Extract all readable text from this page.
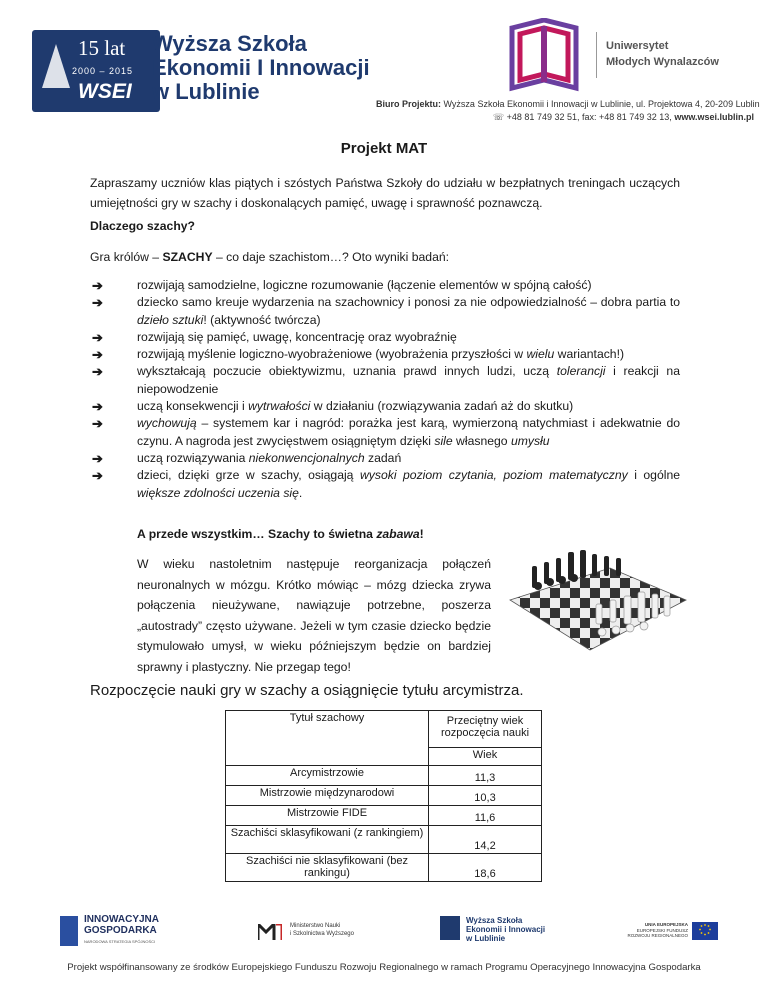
15 lat
2000 – 2015
WSEI
Wyższa Szkoła
Ekonomii I Innowacji
w Lublinie
Uniwersytet
Młodych Wynalazców
Biuro Projektu: Wyższa Szkoła Ekonomii i Innowacji w Lublinie, ul. Projektowa 4, 20-209 Lublin
☏ +48 81 749 32 51, fax: +48 81 749 32 13, www.wsei.lublin.pl
Projekt MAT
Zapraszamy uczniów klas piątych i szóstych Państwa Szkoły do udziału w bezpłatnych treningach uczących umiejętności gry w szachy i doskonalących pamięć, uwagę i sprawność poznawczą.
Dlaczego szachy?
Gra królów – SZACHY – co daje szachistom…? Oto wyniki badań:
➔	rozwijają samodzielne, logiczne rozumowanie (łączenie elementów w spójną całość)
➔	dziecko samo kreuje wydarzenia na szachownicy i ponosi za nie odpowiedzialność – dobra partia to dzieło sztuki! (aktywność twórcza)
➔	rozwijają się pamięć, uwagę, koncentrację oraz wyobraźnię
➔	rozwijają myślenie logiczno-wyobrażeniowe (wyobrażenia przyszłości w wielu wariantach!)
➔	wykształcają poczucie obiektywizmu, uznania prawd innych ludzi, uczą tolerancji i reakcji na niepowodzenie
➔	uczą konsekwencji i wytrwałości w działaniu (rozwiązywania zadań aż do skutku)
➔	wychowują – systemem kar i nagród: porażka jest karą, wymierzoną natychmiast i adekwatnie do czynu. A nagroda jest zwycięstwem osiągniętym dzięki sile własnego umysłu
➔	uczą rozwiązywania niekonwencjonalnych zadań
➔	dzieci, dzięki grze w szachy, osiągają wysoki poziom czytania, poziom matematyczny i ogólne większe zdolności uczenia się.
A przede wszystkim… Szachy to świetna zabawa!
W wieku nastoletnim następuje reorganizacja połączeń neuronalnych w mózgu. Krótko mówiąc – mózg dziecka zrywa połączenia nieużywane, nawiązuje potrzebne, poszerza „autostrady” często używane. Jeżeli w tym czasie dziecko będzie stymulowało umysł, w wieku późniejszym będzie on bardziej sprawny i plastyczny. Nie przegap tego!
Rozpoczęcie nauki gry w szachy a osiągnięcie tytułu arcymistrza.
Tytuł szachowy	Przeciętny wiek rozpoczęcia nauki
	Wiek
Arcymistrzowie	11,3
Mistrzowie międzynarodowi	10,3
Mistrzowie FIDE	11,6
Szachiści sklasyfikowani (z rankingiem)	14,2
Szachiści nie sklasyfikowani (bez rankingu)	18,6
INNOWACYJNA
GOSPODARKA
NARODOWA STRATEGIA SPÓJNOŚCI
Ministerstwo Nauki
i Szkolnictwa Wyższego
Wyższa Szkoła
Ekonomii i Innowacji
w Lublinie
UNIA EUROPEJSKA
EUROPEJSKI FUNDUSZ
ROZWOJU REGIONALNEGO
Projekt współfinansowany ze środków Europejskiego Funduszu Rozwoju Regionalnego w ramach Programu Operacyjnego Innowacyjna Gospodarka
